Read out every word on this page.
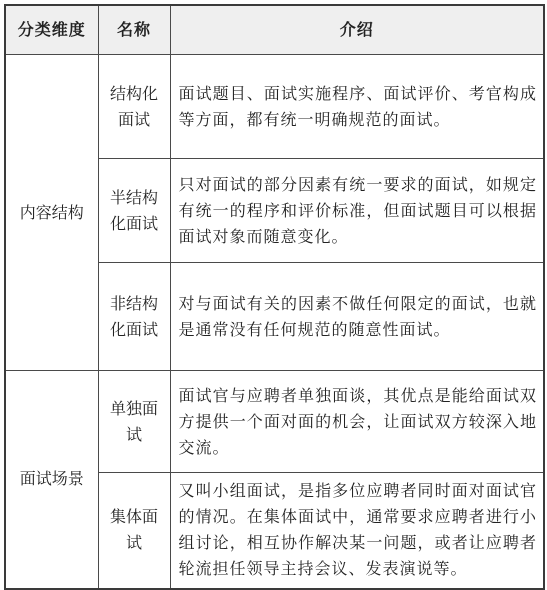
分类维度	名称	介绍
内容结构	结构化面试	面试题目、面试实施程序、面试评价、考官构成等方面，都有统一明确规范的面试。
	半结构化面试	只对面试的部分因素有统一要求的面试，如规定有统一的程序和评价标准，但面试题目可以根据面试对象而随意变化。
	非结构化面试	对与面试有关的因素不做任何限定的面试，也就是通常没有任何规范的随意性面试。
面试场景	单独面试	面试官与应聘者单独面谈，其优点是能给面试双方提供一个面对面的机会，让面试双方较深入地交流。
	集体面试	又叫小组面试，是指多位应聘者同时面对面试官的情况。在集体面试中，通常要求应聘者进行小组讨论，相互协作解决某一问题，或者让应聘者轮流担任领导主持会议、发表演说等。
